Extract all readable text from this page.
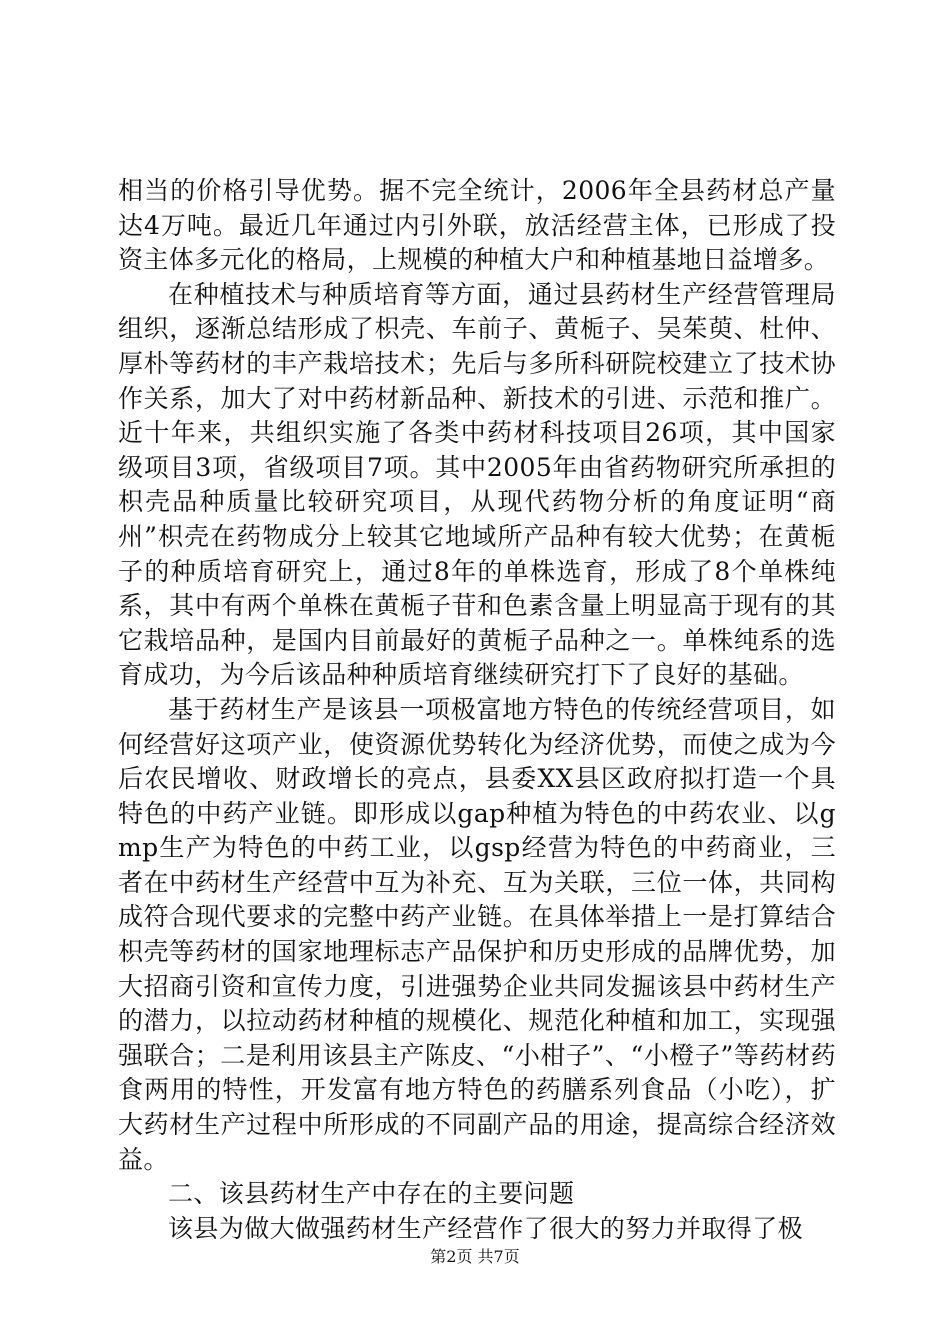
相当的价格引导优势。据不完全统计，2006年全县药材总产量达4万吨。最近几年通过内引外联，放活经营主体，已形成了投资主体多元化的格局，上规模的种植大户和种植基地日益增多。

在种植技术与种质培育等方面，通过县药材生产经营管理局组织，逐渐总结形成了枳壳、车前子、黄栀子、吴茱萸、杜仲、厚朴等药材的丰产栽培技术；先后与多所科研院校建立了技术协作关系，加大了对中药材新品种、新技术的引进、示范和推广。近十年来，共组织实施了各类中药材科技项目26项，其中国家级项目3项，省级项目7项。其中2005年由省药物研究所承担的枳壳品种质量比较研究项目，从现代药物分析的角度证明“商州”枳壳在药物成分上较其它地域所产品种有较大优势；在黄栀子的种质培育研究上，通过8年的单株选育，形成了8个单株纯系，其中有两个单株在黄栀子苷和色素含量上明显高于现有的其它栽培品种，是国内目前最好的黄栀子品种之一。单株纯系的选育成功，为今后该品种种质培育继续研究打下了良好的基础。

基于药材生产是该县一项极富地方特色的传统经营项目，如何经营好这项产业，使资源优势转化为经济优势，而使之成为今后农民增收、财政增长的亮点，县委XX县区政府拟打造一个具特色的中药产业链。即形成以gap种植为特色的中药农业、以gmp生产为特色的中药工业，以gsp经营为特色的中药商业，三者在中药材生产经营中互为补充、互为关联，三位一体，共同构成符合现代要求的完整中药产业链。在具体举措上一是打算结合枳壳等药材的国家地理标志产品保护和历史形成的品牌优势，加大招商引资和宣传力度，引进强势企业共同发掘该县中药材生产的潜力，以拉动药材种植的规模化、规范化种植和加工，实现强强联合；二是利用该县主产陈皮、“小柑子”、“小橙子”等药材药食两用的特性，开发富有地方特色的药膳系列食品（小吃），扩大药材生产过程中所形成的不同副产品的用途，提高综合经济效益。

二、该县药材生产中存在的主要问题

该县为做大做强药材生产经营作了很大的努力并取得了极

第2页 共7页
